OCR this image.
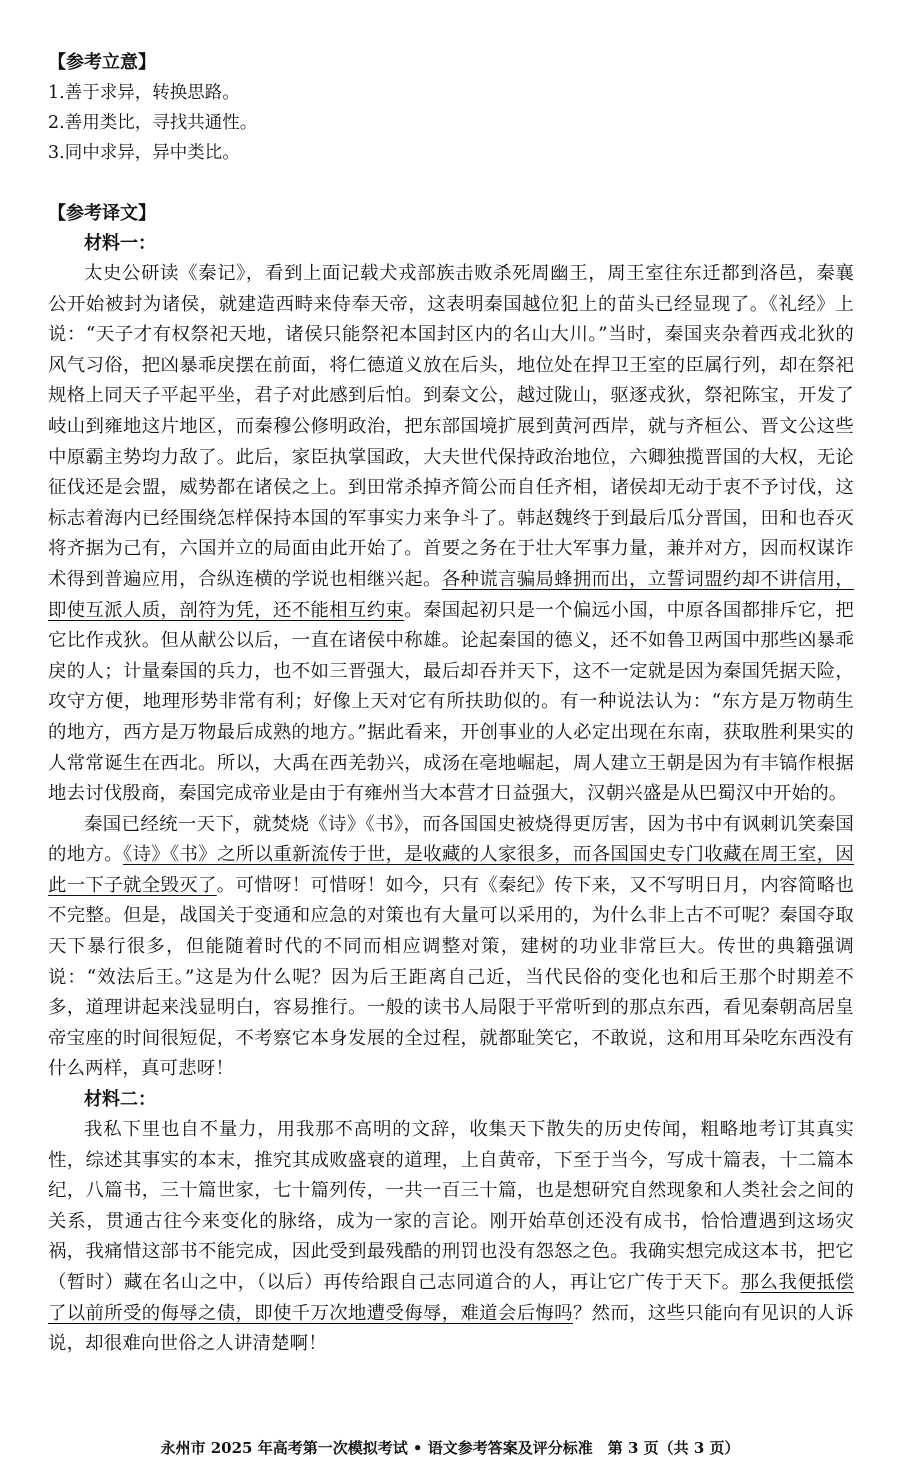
【参考立意】
1.善于求异，转换思路。
2.善用类比，寻找共通性。
3.同中求异，异中类比。
【参考译文】
材料一：

太史公研读《秦记》，看到上面记载犬戎部族击败杀死周幽王，周王室往东迁都到洛邑，秦襄公开始被封为诸侯，就建造西畤来侍奉天帝，这表明秦国越位犯上的苗头已经显现了。《礼经》上说：“天子才有权祭祀天地，诸侯只能祭祀本国封区内的名山大川。”当时，秦国夹杂着西戎北狄的风气习俗，把凶暴乖戾摆在前面，将仁德道义放在后头，地位处在捍卫王室的臣属行列，却在祭祀规格上同天子平起平坐，君子对此感到后怕。到秦文公，越过陇山，驱逐戎狄，祭祀陈宝，开发了岐山到雍地这片地区，而秦穆公修明政治，把东部国境扩展到黄河西岸，就与齐桓公、晋文公这些中原霸主势均力敌了。此后，家臣执掌国政，大夫世代保持政治地位，六卿独揽晋国的大权，无论征伐还是会盟，威势都在诸侯之上。到田常杀掉齐简公而自任齐相，诸侯却无动于衷不予讨伐，这标志着海内已经围绕怎样保持本国的军事实力来争斗了。韩赵魏终于到最后瓜分晋国，田和也吞灭将齐据为己有，六国并立的局面由此开始了。首要之务在于壮大军事力量，兼并对方，因而权谋诈术得到普遍应用，合纵连横的学说也相继兴起。各种谎言骗局蜂拥而出，立誓词盟约却不讲信用，即使互派人质，剖符为凭，还不能相互约束。秦国起初只是一个偏远小国，中原各国都排斥它，把它比作戎狄。但从献公以后，一直在诸侯中称雄。论起秦国的德义，还不如鲁卫两国中那些凶暴乖戾的人；计量秦国的兵力，也不如三晋强大，最后却吞并天下，这不一定就是因为秦国凭据天险，攻守方便，地理形势非常有利；好像上天对它有所扶助似的。有一种说法认为：“东方是万物萌生的地方，西方是万物最后成熟的地方。”据此看来，开创事业的人必定出现在东南，获取胜利果实的人常常诞生在西北。所以，大禹在西羌勃兴，成汤在亳地崛起，周人建立王朝是因为有丰镐作根据地去讨伐殷商，秦国完成帝业是由于有雍州当大本营才日益强大，汉朝兴盛是从巴蜀汉中开始的。

秦国已经统一天下，就焚烧《诗》《书》，而各国国史被烧得更厉害，因为书中有讽刺讥笑秦国的地方。《诗》《书》之所以重新流传于世，是收藏的人家很多，而各国国史专门收藏在周王室，因此一下子就全毁灭了。可惜呀！可惜呀！如今，只有《秦纪》传下来，又不写明日月，内容简略也不完整。但是，战国关于变通和应急的对策也有大量可以采用的，为什么非上古不可呢？秦国夺取天下暴行很多，但能随着时代的不同而相应调整对策，建树的功业非常巨大。传世的典籍强调说：“效法后王。”这是为什么呢？因为后王距离自己近，当代民俗的变化也和后王那个时期差不多，道理讲起来浅显明白，容易推行。一般的读书人局限于平常听到的那点东西，看见秦朝高居皇帝宝座的时间很短促，不考察它本身发展的全过程，就都耻笑它，不敢说，这和用耳朵吃东西没有什么两样，真可悲呀！

材料二：

我私下里也自不量力，用我那不高明的文辞，收集天下散失的历史传闻，粗略地考订其真实性，综述其事实的本末，推究其成败盛衰的道理，上自黄帝，下至于当今，写成十篇表，十二篇本纪，八篇书，三十篇世家，七十篇列传，一共一百三十篇，也是想研究自然现象和人类社会之间的关系，贯通古往今来变化的脉络，成为一家的言论。刚开始草创还没有成书，恰恰遭遇到这场灾祸，我痛惜这部书不能完成，因此受到最残酷的刑罚也没有怨怒之色。我确实想完成这本书，把它（暂时）藏在名山之中，（以后）再传给跟自己志同道合的人，再让它广传于天下。那么我便抵偿了以前所受的侮辱之债，即使千万次地遭受侮辱，难道会后悔吗？然而，这些只能向有见识的人诉说，却很难向世俗之人讲清楚啊！

永州市 2025 年高考第一次模拟考试 • 语文参考答案及评分标准　第 3 页（共 3 页）
